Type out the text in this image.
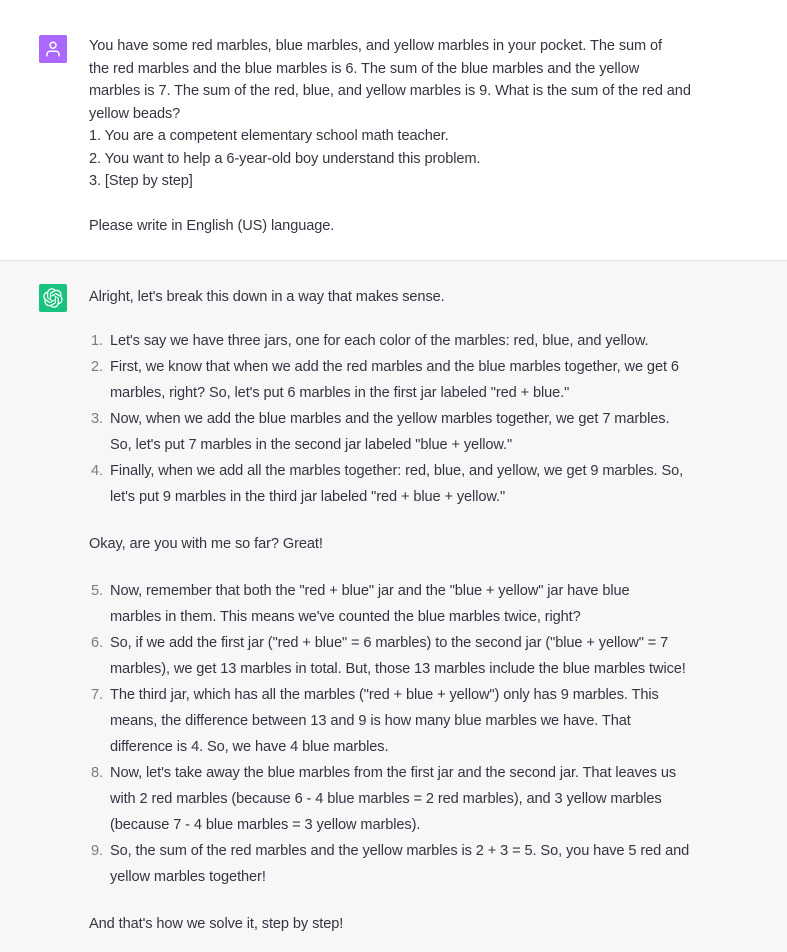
You have some red marbles, blue marbles, and yellow marbles in your pocket. The sum of
the red marbles and the blue marbles is 6. The sum of the blue marbles and the yellow
marbles is 7. The sum of the red, blue, and yellow marbles is 9. What is the sum of the red and
yellow beads?
1. You are a competent elementary school math teacher.
2. You want to help a 6-year-old boy understand this problem.
3. [Step by step]
Please write in English (US) language.

Alright, let's break this down in a way that makes sense.

1. Let's say we have three jars, one for each color of the marbles: red, blue, and yellow.
2. First, we know that when we add the red marbles and the blue marbles together, we get 6
marbles, right? So, let's put 6 marbles in the first jar labeled "red + blue."
3. Now, when we add the blue marbles and the yellow marbles together, we get 7 marbles.
So, let's put 7 marbles in the second jar labeled "blue + yellow."
4. Finally, when we add all the marbles together: red, blue, and yellow, we get 9 marbles. So,
let's put 9 marbles in the third jar labeled "red + blue + yellow."

Okay, are you with me so far? Great!

5. Now, remember that both the "red + blue" jar and the "blue + yellow" jar have blue
marbles in them. This means we've counted the blue marbles twice, right?
6. So, if we add the first jar ("red + blue" = 6 marbles) to the second jar ("blue + yellow" = 7
marbles), we get 13 marbles in total. But, those 13 marbles include the blue marbles twice!
7. The third jar, which has all the marbles ("red + blue + yellow") only has 9 marbles. This
means, the difference between 13 and 9 is how many blue marbles we have. That
difference is 4. So, we have 4 blue marbles.
8. Now, let's take away the blue marbles from the first jar and the second jar. That leaves us
with 2 red marbles (because 6 - 4 blue marbles = 2 red marbles), and 3 yellow marbles
(because 7 - 4 blue marbles = 3 yellow marbles).
9. So, the sum of the red marbles and the yellow marbles is 2 + 3 = 5. So, you have 5 red and
yellow marbles together!

And that's how we solve it, step by step!
